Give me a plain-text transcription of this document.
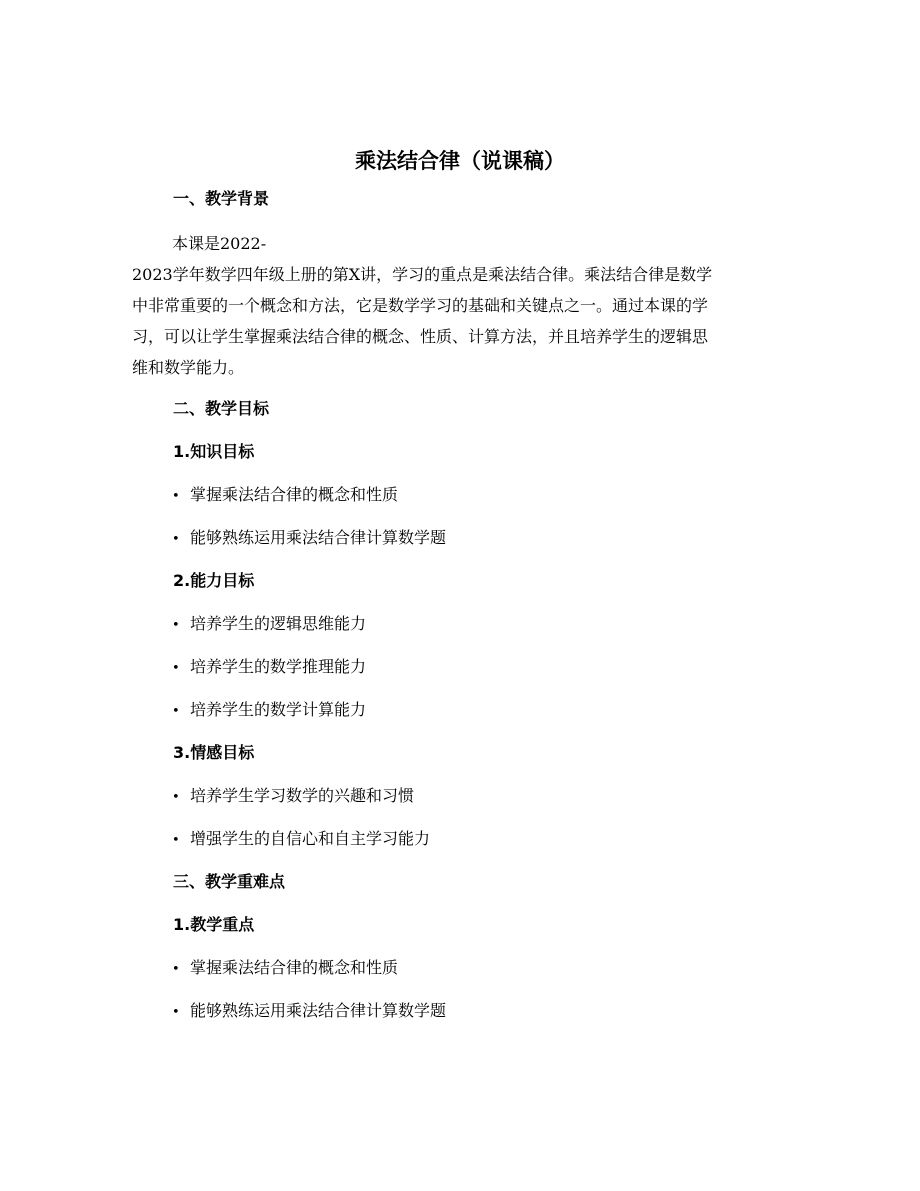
乘法结合律（说课稿）
一、教学背景
本课是2022-
2023学年数学四年级上册的第X讲，学习的重点是乘法结合律。乘法结合律是数学
中非常重要的一个概念和方法，它是数学学习的基础和关键点之一。通过本课的学
习，可以让学生掌握乘法结合律的概念、性质、计算方法，并且培养学生的逻辑思
维和数学能力。
二、教学目标
1.知识目标
• 掌握乘法结合律的概念和性质
• 能够熟练运用乘法结合律计算数学题
2.能力目标
• 培养学生的逻辑思维能力
• 培养学生的数学推理能力
• 培养学生的数学计算能力
3.情感目标
• 培养学生学习数学的兴趣和习惯
• 增强学生的自信心和自主学习能力
三、教学重难点
1.教学重点
• 掌握乘法结合律的概念和性质
• 能够熟练运用乘法结合律计算数学题
